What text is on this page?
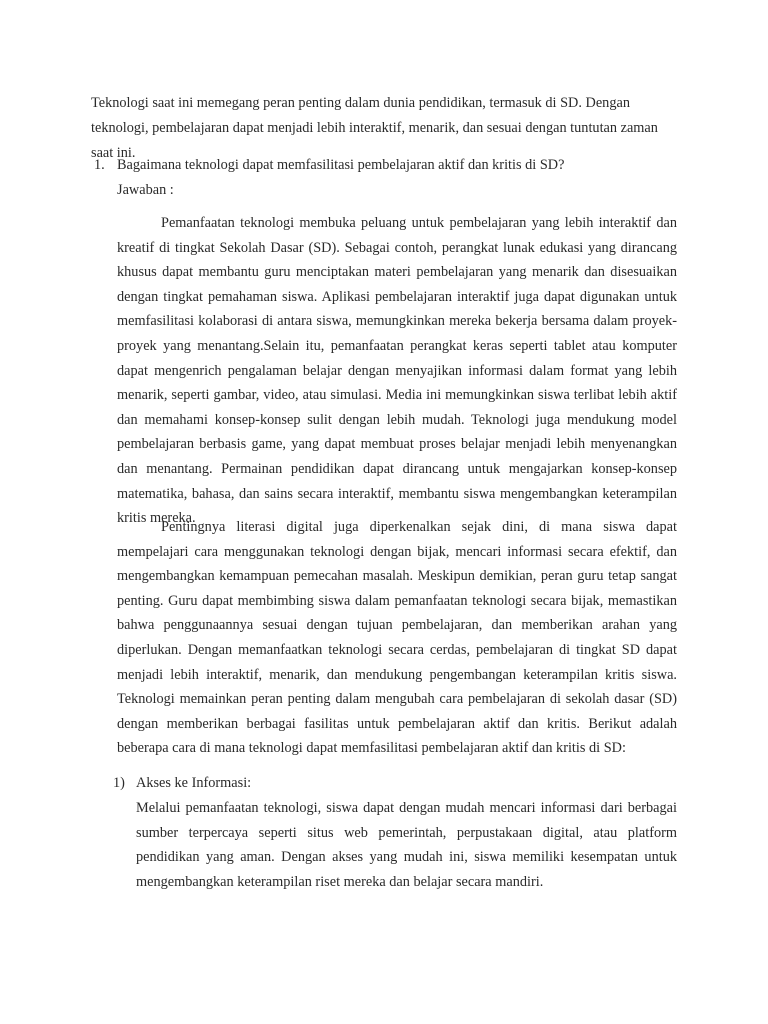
Teknologi saat ini memegang peran penting dalam dunia pendidikan, termasuk di SD. Dengan teknologi, pembelajaran dapat menjadi lebih interaktif, menarik, dan sesuai dengan tuntutan zaman saat ini.

1. Bagaimana teknologi dapat memfasilitasi pembelajaran aktif dan kritis di SD?
Jawaban :

Pemanfaatan teknologi membuka peluang untuk pembelajaran yang lebih interaktif dan kreatif di tingkat Sekolah Dasar (SD). Sebagai contoh, perangkat lunak edukasi yang dirancang khusus dapat membantu guru menciptakan materi pembelajaran yang menarik dan disesuaikan dengan tingkat pemahaman siswa. Aplikasi pembelajaran interaktif juga dapat digunakan untuk memfasilitasi kolaborasi di antara siswa, memungkinkan mereka bekerja bersama dalam proyek-proyek yang menantang.Selain itu, pemanfaatan perangkat keras seperti tablet atau komputer dapat mengenrich pengalaman belajar dengan menyajikan informasi dalam format yang lebih menarik, seperti gambar, video, atau simulasi. Media ini memungkinkan siswa terlibat lebih aktif dan memahami konsep-konsep sulit dengan lebih mudah. Teknologi juga mendukung model pembelajaran berbasis game, yang dapat membuat proses belajar menjadi lebih menyenangkan dan menantang. Permainan pendidikan dapat dirancang untuk mengajarkan konsep-konsep matematika, bahasa, dan sains secara interaktif, membantu siswa mengembangkan keterampilan kritis mereka.

Pentingnya literasi digital juga diperkenalkan sejak dini, di mana siswa dapat mempelajari cara menggunakan teknologi dengan bijak, mencari informasi secara efektif, dan mengembangkan kemampuan pemecahan masalah. Meskipun demikian, peran guru tetap sangat penting. Guru dapat membimbing siswa dalam pemanfaatan teknologi secara bijak, memastikan bahwa penggunaannya sesuai dengan tujuan pembelajaran, dan memberikan arahan yang diperlukan. Dengan memanfaatkan teknologi secara cerdas, pembelajaran di tingkat SD dapat menjadi lebih interaktif, menarik, dan mendukung pengembangan keterampilan kritis siswa. Teknologi memainkan peran penting dalam mengubah cara pembelajaran di sekolah dasar (SD) dengan memberikan berbagai fasilitas untuk pembelajaran aktif dan kritis. Berikut adalah beberapa cara di mana teknologi dapat memfasilitasi pembelajaran aktif dan kritis di SD:

1) Akses ke Informasi:

Melalui pemanfaatan teknologi, siswa dapat dengan mudah mencari informasi dari berbagai sumber terpercaya seperti situs web pemerintah, perpustakaan digital, atau platform pendidikan yang aman. Dengan akses yang mudah ini, siswa memiliki kesempatan untuk mengembangkan keterampilan riset mereka dan belajar secara mandiri.
